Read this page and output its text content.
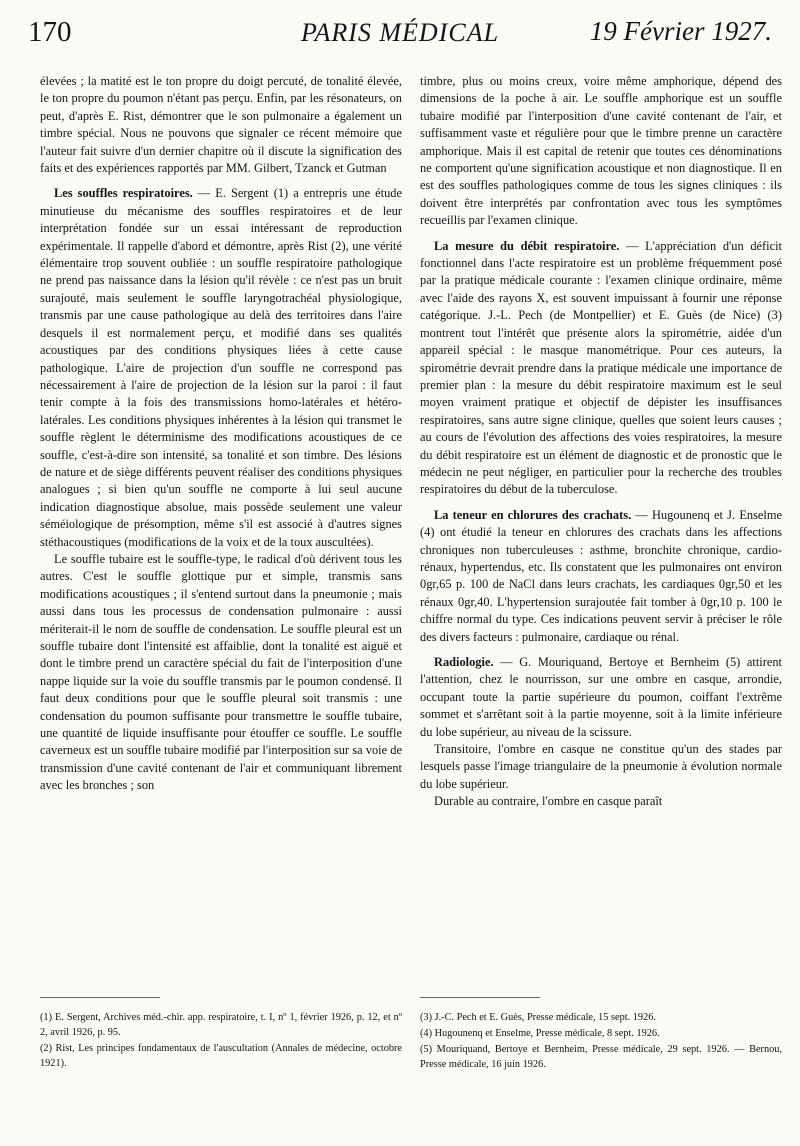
170	PARIS MÉDICAL	19 Février 1927.

élevées ; la matité est le ton propre du doigt percuté, de tonalité élevée, le ton propre du poumon n'étant pas perçu. Enfin, par les résonateurs, on peut, d'après E. Rist, démontrer que le son pulmonaire a également un timbre spécial. Nous ne pouvons que signaler ce récent mémoire que l'auteur fait suivre d'un dernier chapitre où il discute la signification des faits et des expériences rapportés par MM. Gilbert, Tzanck et Gutman

Les souffles respiratoires. — E. Sergent (1) a entrepris une étude minutieuse du mécanisme des souffles respiratoires et de leur interprétation fondée sur un essai intéressant de reproduction expérimentale. Il rappelle d'abord et démontre, après Rist (2), une vérité élémentaire trop souvent oubliée : un souffle respiratoire pathologique ne prend pas naissance dans la lésion qu'il révèle : ce n'est pas un bruit surajouté, mais seulement le souffle laryngotrachéal physiologique, transmis par une cause pathologique au delà des territoires dans l'aire desquels il est normalement perçu, et modifié dans ses qualités acoustiques par des conditions physiques liées à cette cause pathologique. L'aire de projection d'un souffle ne correspond pas nécessairement à l'aire de projection de la lésion sur la paroi : il faut tenir compte à la fois des transmissions homo-latérales et hétéro-latérales. Les conditions physiques inhérentes à la lésion qui transmet le souffle règlent le déterminisme des modifications acoustiques de ce souffle, c'est-à-dire son intensité, sa tonalité et son timbre. Des lésions de nature et de siège différents peuvent réaliser des conditions physiques analogues ; si bien qu'un souffle ne comporte à lui seul aucune indication diagnostique absolue, mais possède seulement une valeur séméiologique de présomption, même s'il est associé à d'autres signes stéthacoustiques (modifications de la voix et de la toux auscultées).

Le souffle tubaire est le souffle-type, le radical d'où dérivent tous les autres. C'est le souffle glottique pur et simple, transmis sans modifications acoustiques ; il s'entend surtout dans la pneumonie ; mais aussi dans tous les processus de condensation pulmonaire : aussi mériterait-il le nom de souffle de condensation. Le souffle pleural est un souffle tubaire dont l'intensité est affaiblie, dont la tonalité est aiguë et dont le timbre prend un caractère spécial du fait de l'interposition d'une nappe liquide sur la voie du souffle transmis par le poumon condensé. Il faut deux conditions pour que le souffle pleural soit transmis : une condensation du poumon suffisante pour transmettre le souffle tubaire, une quantité de liquide insuffisante pour étouffer ce souffle. Le souffle caverneux est un souffle tubaire modifié par l'interposition sur sa voie de transmission d'une cavité contenant de l'air et communiquant librement avec les bronches ; son

timbre, plus ou moins creux, voire même amphorique, dépend des dimensions de la poche à air. Le souffle amphorique est un souffle tubaire modifié par l'interposition d'une cavité contenant de l'air, et suffisamment vaste et régulière pour que le timbre prenne un caractère amphorique. Mais il est capital de retenir que toutes ces dénominations ne comportent qu'une signification acoustique et non diagnostique. Il en est des souffles pathologiques comme de tous les signes cliniques : ils doivent être interprétés par confrontation avec tous les symptômes recueillis par l'examen clinique.

La mesure du débit respiratoire. — L'appréciation d'un déficit fonctionnel dans l'acte respiratoire est un problème fréquemment posé par la pratique médicale courante : l'examen clinique ordinaire, même avec l'aide des rayons X, est souvent impuissant à fournir une réponse catégorique. J.-L. Pech (de Montpellier) et E. Guès (de Nice) (3) montrent tout l'intérêt que présente alors la spirométrie, aidée d'un appareil spécial : le masque manométrique. Pour ces auteurs, la spirométrie devrait prendre dans la pratique médicale une importance de premier plan : la mesure du débit respiratoire maximum est le seul moyen vraiment pratique et objectif de dépister les insuffisances respiratoires, sans autre signe clinique, quelles que soient leurs causes ; au cours de l'évolution des affections des voies respiratoires, la mesure du débit respiratoire est un élément de diagnostic et de pronostic que le médecin ne peut négliger, en particulier pour la recherche des troubles respiratoires du début de la tuberculose.

La teneur en chlorures des crachats. — Hugounenq et J. Enselme (4) ont étudié la teneur en chlorures des crachats dans les affections chroniques non tuberculeuses : asthme, bronchite chronique, cardio-rénaux, hypertendus, etc. Ils constatent que les pulmonaires ont environ 0gr,65 p. 100 de NaCl dans leurs crachats, les cardiaques 0gr,50 et les rénaux 0gr,40. L'hypertension surajoutée fait tomber à 0gr,10 p. 100 le chiffre normal du type. Ces indications peuvent servir à préciser le rôle des divers facteurs : pulmonaire, cardiaque ou rénal.

Radiologie. — G. Mouriquand, Bertoye et Bernheim (5) attirent l'attention, chez le nourrisson, sur une ombre en casque, arrondie, occupant toute la partie supérieure du poumon, coiffant l'extrême sommet et s'arrêtant soit à la partie moyenne, soit à la limite inférieure du lobe supérieur, au niveau de la scissure.

Transitoire, l'ombre en casque ne constitue qu'un des stades par lesquels passe l'image triangulaire de la pneumonie à évolution normale du lobe supérieur.

Durable au contraire, l'ombre en casque paraît

(1) E. Sergent, Archives méd.-chir. app. respiratoire, t. I, nº 1, février 1926, p. 12, et nº 2, avril 1926, p. 95.
(2) Rist, Les principes fondamentaux de l'auscultation (Annales de médecine, octobre 1921).
(3) J.-C. Pech et E. Guès, Presse médicale, 15 sept. 1926.
(4) Hugounenq et Enselme, Presse médicale, 8 sept. 1926.
(5) Mouriquand, Bertoye et Bernheim, Presse médicale, 29 sept. 1926. — Bernou, Presse médicale, 16 juin 1926.
